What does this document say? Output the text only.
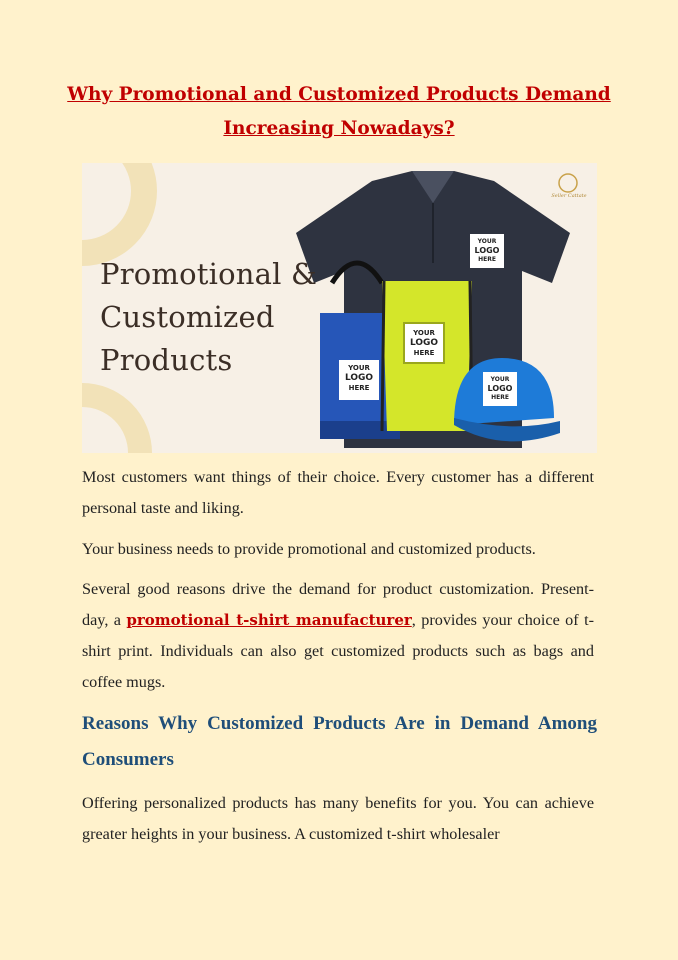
Why Promotional and Customized Products Demand Increasing Nowadays?
Promotional &
Customized
Products
YOUR
LOGO
HERE
YOUR
LOGO
HERE
YOUR
LOGO
HERE
YOUR
LOGO
HERE
Seller Cattate
Most customers want things of their choice. Every customer has a different personal taste and liking.
Your business needs to provide promotional and customized products.
Several good reasons drive the demand for product customization. Present-day, a promotional t-shirt manufacturer, provides your choice of t-shirt print. Individuals can also get customized products such as bags and coffee mugs.
Reasons Why Customized Products Are in Demand Among Consumers
Offering personalized products has many benefits for you. You can achieve greater heights in your business. A customized t-shirt wholesaler
